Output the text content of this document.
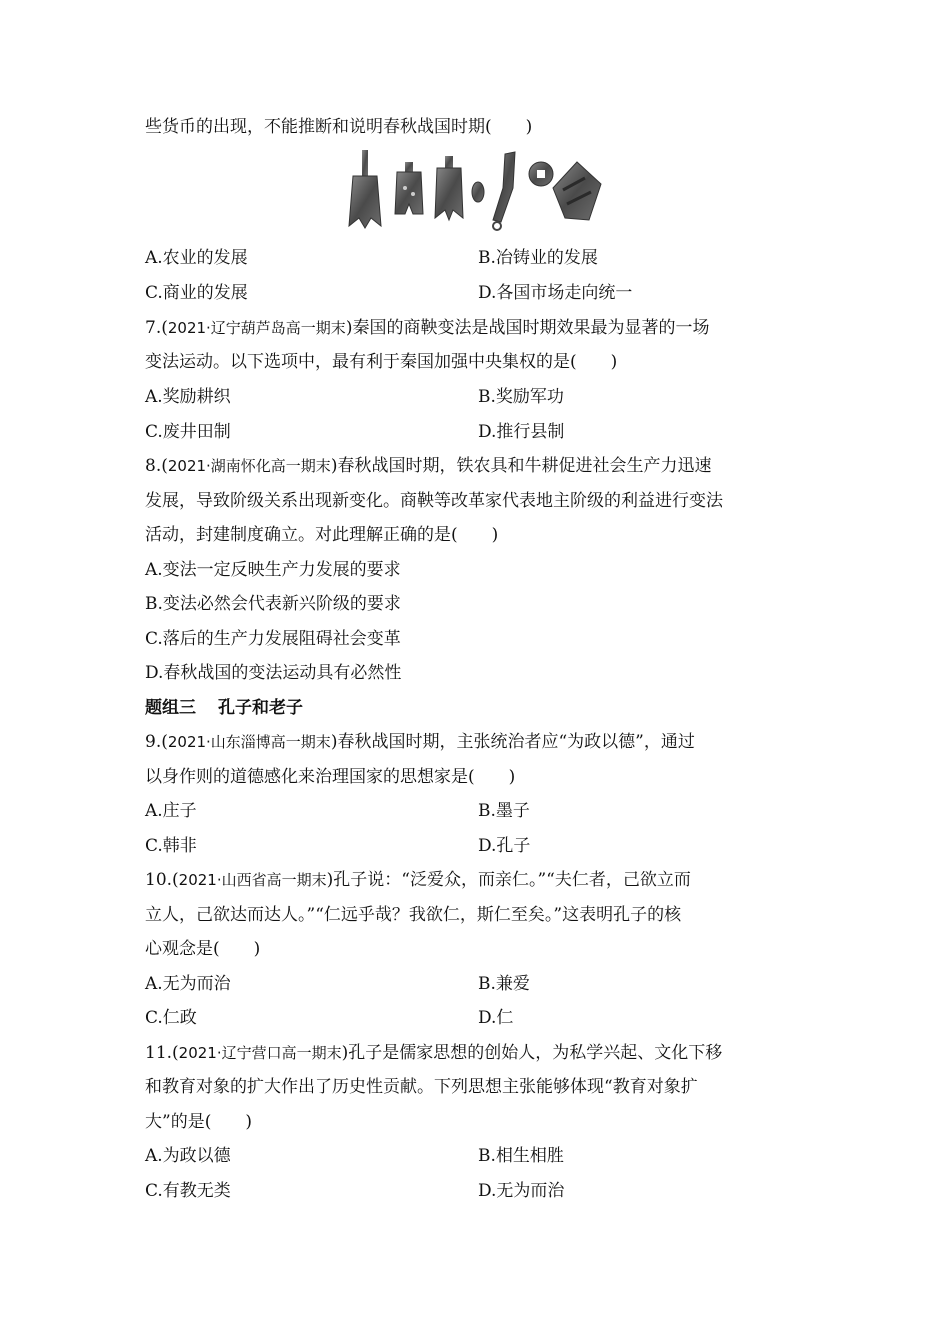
些货币的出现，不能推断和说明春秋战国时期( )
A.农业的发展	B.冶铸业的发展
C.商业的发展	D.各国市场走向统一
7.(2021·辽宁葫芦岛高一期末)秦国的商鞅变法是战国时期效果最为显著的一场
变法运动。以下选项中，最有利于秦国加强中央集权的是( )
A.奖励耕织	B.奖励军功
C.废井田制	D.推行县制
8.(2021·湖南怀化高一期末)春秋战国时期，铁农具和牛耕促进社会生产力迅速
发展，导致阶级关系出现新变化。商鞅等改革家代表地主阶级的利益进行变法
活动，封建制度确立。对此理解正确的是( )
A.变法一定反映生产力发展的要求
B.变法必然会代表新兴阶级的要求
C.落后的生产力发展阻碍社会变革
D.春秋战国的变法运动具有必然性
题组三 孔子和老子
9.(2021·山东淄博高一期末)春秋战国时期，主张统治者应“为政以德”，通过
以身作则的道德感化来治理国家的思想家是( )
A.庄子	B.墨子
C.韩非	D.孔子
10.(2021·山西省高一期末)孔子说：“泛爱众，而亲仁。”“夫仁者，己欲立而
立人，己欲达而达人。”“仁远乎哉？我欲仁，斯仁至矣。”这表明孔子的核
心观念是( )
A.无为而治	B.兼爱
C.仁政	D.仁
11.(2021·辽宁营口高一期末)孔子是儒家思想的创始人，为私学兴起、文化下移
和教育对象的扩大作出了历史性贡献。下列思想主张能够体现“教育对象扩
大”的是( )
A.为政以德	B.相生相胜
C.有教无类	D.无为而治
